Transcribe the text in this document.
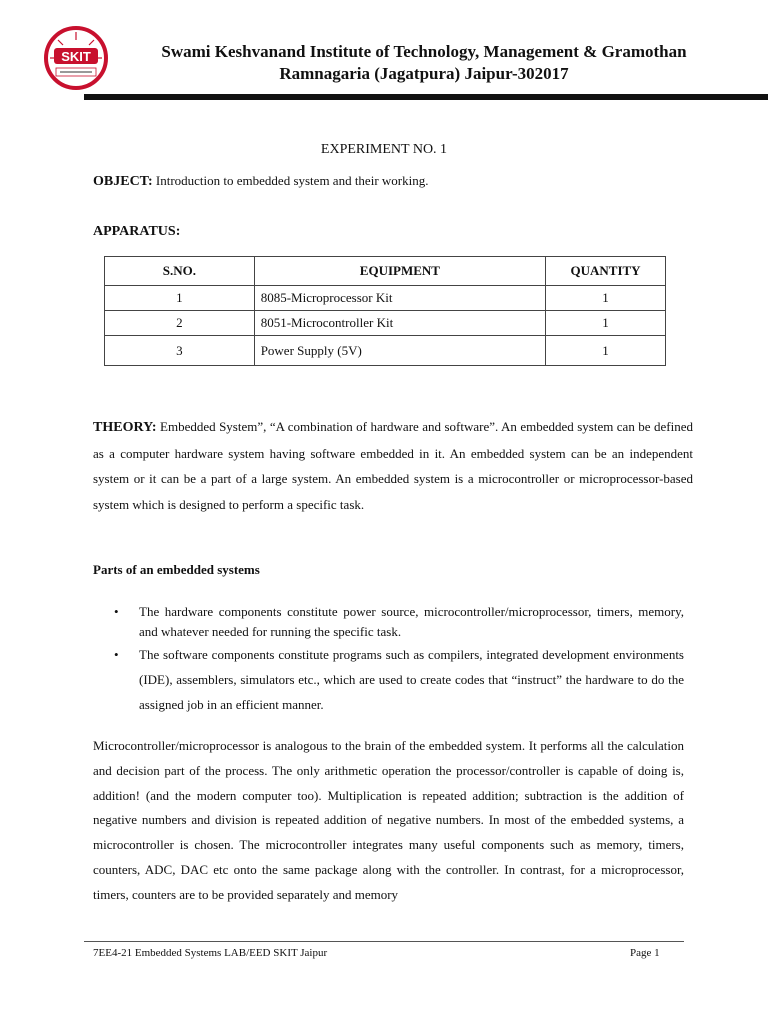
SKIT	Swami Keshvanand Institute of Technology, Management & Gramothan
Ramnagaria (Jagatpura) Jaipur-302017
EXPERIMENT NO. 1
OBJECT: Introduction to embedded system and their working.
APPARATUS:
S.NO.	EQUIPMENT	QUANTITY
1	8085-Microprocessor Kit	1
2	8051-Microcontroller Kit	1
3	Power Supply (5V)	1
THEORY: Embedded System”, “A combination of hardware and software”. An embedded system can be defined as a computer hardware system having software embedded in it. An embedded system can be an independent system or it can be a part of a large system. An embedded system is a microcontroller or microprocessor-based system which is designed to perform a specific task.
Parts of an embedded systems
• The hardware components constitute power source, microcontroller/microprocessor, timers, memory, and whatever needed for running the specific task.
• The software components constitute programs such as compilers, integrated development environments (IDE), assemblers, simulators etc., which are used to create codes that “instruct” the hardware to do the assigned job in an efficient manner.
Microcontroller/microprocessor is analogous to the brain of the embedded system. It performs all the calculation and decision part of the process. The only arithmetic operation the processor/controller is capable of doing is, addition! (and the modern computer too). Multiplication is repeated addition; subtraction is the addition of negative numbers and division is repeated addition of negative numbers. In most of the embedded systems, a microcontroller is chosen. The microcontroller integrates many useful components such as memory, timers, counters, ADC, DAC etc onto the same package along with the controller. In contrast, for a microprocessor, timers, counters are to be provided separately and memory
7EE4-21 Embedded Systems LAB/EED SKIT Jaipur	Page 1
